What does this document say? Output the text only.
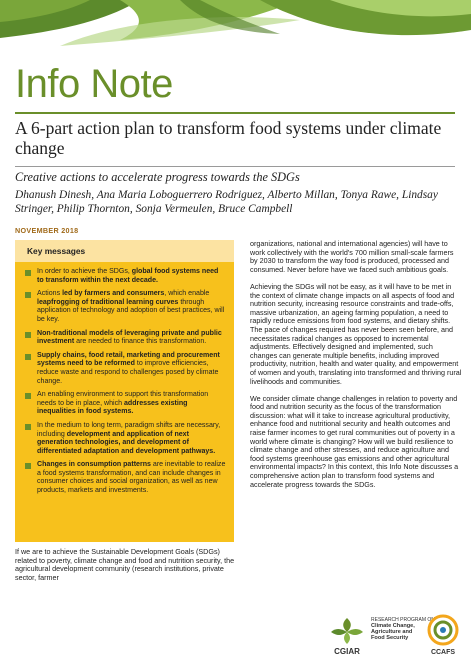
Info Note
A 6-part action plan to transform food systems under climate change
Creative actions to accelerate progress towards the SDGs
Dhanush Dinesh, Ana Maria Loboguerrero Rodriguez, Alberto Millan, Tonya Rawe, Lindsay Stringer, Philip Thornton, Sonja Vermeulen, Bruce Campbell
NOVEMBER 2018
Key messages
In order to achieve the SDGs, global food systems need to transform within the next decade.
Actions led by farmers and consumers, which enable leapfrogging of traditional learning curves through application of technology and adoption of best practices, will be key.
Non-traditional models of leveraging private and public investment are needed to finance this transformation.
Supply chains, food retail, marketing and procurement systems need to be reformed to improve efficiencies, reduce waste and respond to challenges posed by climate change.
An enabling environment to support this transformation needs to be in place, which addresses existing inequalities in food systems.
In the medium to long term, paradigm shifts are necessary, including development and application of next generation technologies, and development of differentiated adaptation and development pathways.
Changes in consumption patterns are inevitable to realize a food systems transformation, and can include changes in consumer choices and social organization, as well as new products, markets and investments.
If we are to achieve the Sustainable Development Goals (SDGs) related to poverty, climate change and food and nutrition security, the agricultural development community (research institutions, private sector, farmer

organizations, national and international agencies) will have to work collectively with the world's 700 million small-scale farmers by 2030 to transform the way food is produced, processed and consumed. Never before have we faced such ambitious goals.

Achieving the SDGs will not be easy, as it will have to be met in the context of climate change impacts on all aspects of food and nutrition security, increasing resource constraints and trade-offs, massive urbanization, an ageing farming population, a need to rapidly reduce emissions from food systems, and dietary shifts. The pace of changes required has never been seen before, and necessitates radical changes as opposed to incremental adjustments. Effectively designed and implemented, such changes can generate multiple benefits, including improved productivity, nutrition, health and water quality, and empowerment of women and youth, translating into transformed and thriving rural livelihoods and communities.

We consider climate change challenges in relation to poverty and food and nutrition security as the focus of the transformation discussion: what will it take to increase agricultural productivity, enhance food and nutritional security and health outcomes and raise farmer incomes to get rural communities out of poverty in a world where climate is changing? How will we build resilience to climate change and other stresses, and reduce agriculture and food systems greenhouse gas emissions and other agricultural environmental impacts? In this context, this Info Note discusses a comprehensive action plan to transform food systems and accelerate progress towards the SDGs.

CGIAR
RESEARCH PROGRAM ON
Climate Change,
Agriculture and
Food Security
CCAFS
